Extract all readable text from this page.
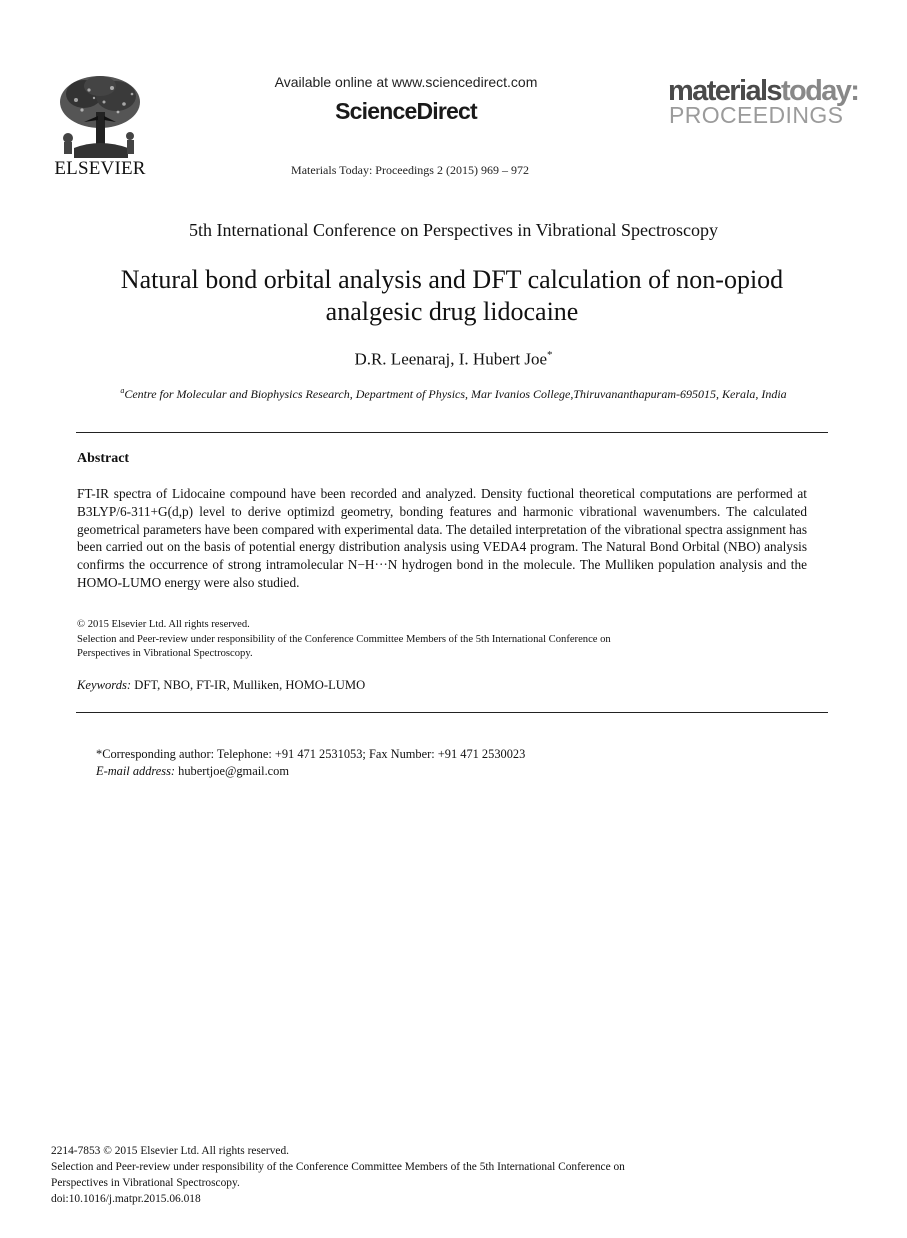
ELSEVIER
Available online at www.sciencedirect.com
ScienceDirect
Materials Today: Proceedings 2 (2015) 969 – 972
materialstoday:
PROCEEDINGS
5th International Conference on Perspectives in Vibrational Spectroscopy
Natural bond orbital analysis and DFT calculation of non-opiod
analgesic drug lidocaine
D.R. Leenaraj, I. Hubert Joe*
$^a$Centre for Molecular and Biophysics Research, Department of Physics, Mar Ivanios College,Thiruvananthapuram-695015, Kerala, India
Abstract
FT-IR spectra of Lidocaine compound have been recorded and analyzed. Density fuctional theoretical computations are performed at B3LYP/6-311+G(d,p) level to derive optimizd geometry, bonding features and harmonic vibrational wavenumbers. The calculated geometrical parameters have been compared with experimental data. The detailed interpretation of the vibrational spectra assignment has been carried out on the basis of potential energy distribution analysis using VEDA4 program. The Natural Bond Orbital (NBO) analysis confirms the occurrence of strong intramolecular N−H···N hydrogen bond in the molecule. The Mulliken population analysis and the HOMO-LUMO energy were also studied.
© 2015 Elsevier Ltd. All rights reserved.
Selection and Peer-review under responsibility of the Conference Committee Members of the 5th International Conference on
Perspectives in Vibrational Spectroscopy.
Keywords: DFT, NBO, FT-IR, Mulliken, HOMO-LUMO
*Corresponding author: Telephone: +91 471 2531053; Fax Number: +91 471 2530023
E-mail address: hubertjoe@gmail.com
2214-7853 © 2015 Elsevier Ltd. All rights reserved.
Selection and Peer-review under responsibility of the Conference Committee Members of the 5th International Conference on
Perspectives in Vibrational Spectroscopy.
doi:10.1016/j.matpr.2015.06.018
